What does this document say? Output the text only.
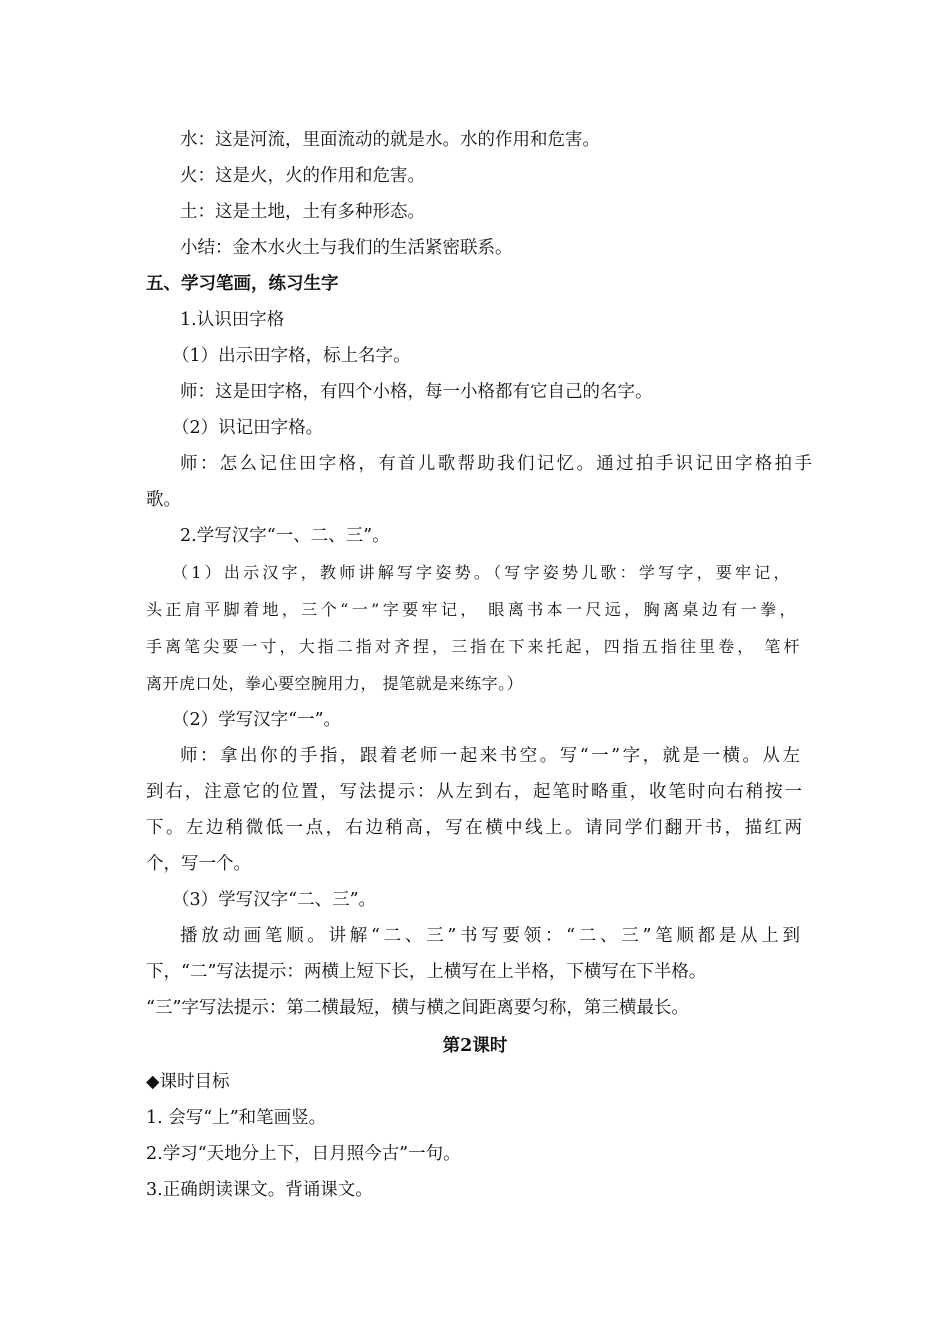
水：这是河流，里面流动的就是水。水的作用和危害。
火：这是火，火的作用和危害。
土：这是土地，土有多种形态。
小结：金木水火土与我们的生活紧密联系。
五、学习笔画，练习生字
1.认识田字格
（1）出示田字格，标上名字。
师：这是田字格，有四个小格，每一小格都有它自己的名字。
（2）识记田字格。
师：怎么记住田字格，有首儿歌帮助我们记忆。通过拍手识记田字格拍手
歌。
2.学写汉字“一、二、三”。
（1）出示汉字，教师讲解写字姿势。（写字姿势儿歌：学写字，要牢记，
头正肩平脚着地，三个“一”字要牢记， 眼离书本一尺远，胸离桌边有一拳，
手离笔尖要一寸，大指二指对齐捏，三指在下来托起，四指五指往里卷， 笔杆
离开虎口处，拳心要空腕用力， 提笔就是来练字。）
（2）学写汉字“一”。
师：拿出你的手指，跟着老师一起来书空。写“一”字，就是一横。从左
到右，注意它的位置，写法提示：从左到右，起笔时略重，收笔时向右稍按一
下。左边稍微低一点，右边稍高，写在横中线上。请同学们翻开书，描红两
个，写一个。
（3）学写汉字“二、三”。
播放动画笔顺。讲解“二、三”书写要领：“二、三”笔顺都是从上到
下，“二”写法提示：两横上短下长，上横写在上半格，下横写在下半格。
“三”字写法提示：第二横最短，横与横之间距离要匀称，第三横最长。
第2课时
◆课时目标
1. 会写“上”和笔画竖。
2.学习“天地分上下，日月照今古”一句。
3.正确朗读课文。背诵课文。
